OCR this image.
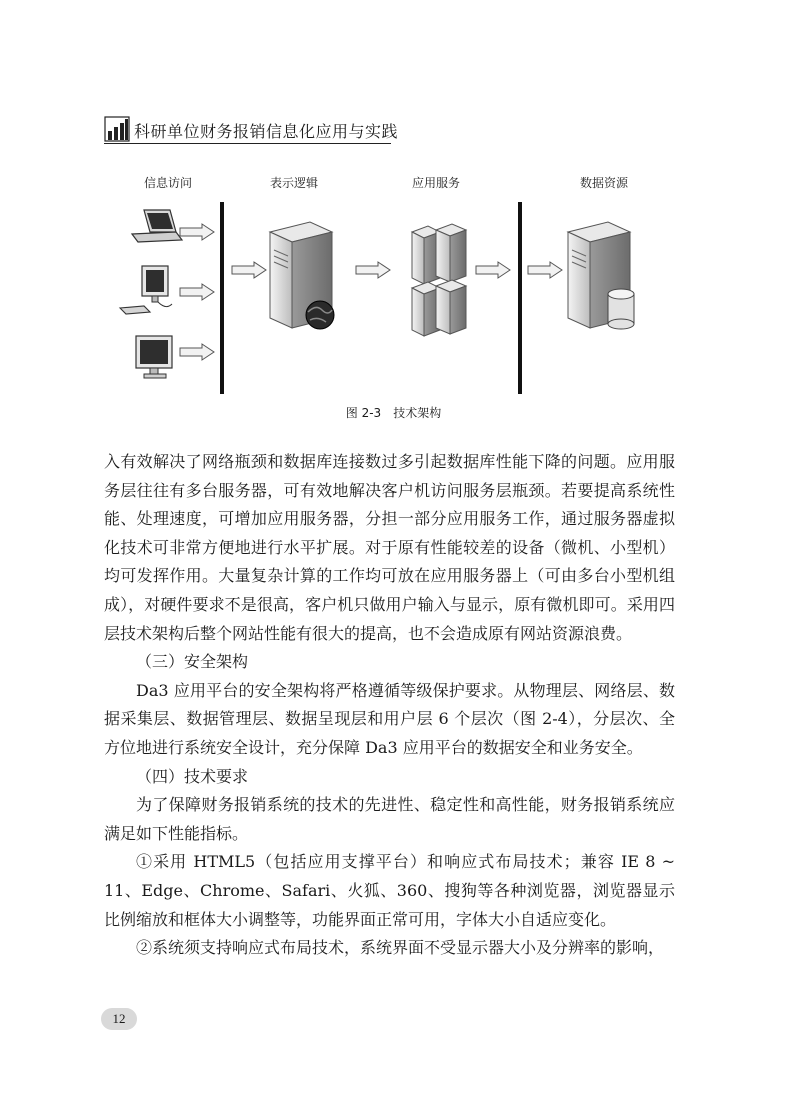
科研单位财务报销信息化应用与实践
信息访问	表示逻辑	应用服务	数据资源
图 2-3　技术架构

入有效解决了网络瓶颈和数据库连接数过多引起数据库性能下降的问题。应用服务层往往有多台服务器，可有效地解决客户机访问服务层瓶颈。若要提高系统性能、处理速度，可增加应用服务器，分担一部分应用服务工作，通过服务器虚拟化技术可非常方便地进行水平扩展。对于原有性能较差的设备（微机、小型机）均可发挥作用。大量复杂计算的工作均可放在应用服务器上（可由多台小型机组成），对硬件要求不是很高，客户机只做用户输入与显示，原有微机即可。采用四层技术架构后整个网站性能有很大的提高，也不会造成原有网站资源浪费。

（三）安全架构

Da3 应用平台的安全架构将严格遵循等级保护要求。从物理层、网络层、数据采集层、数据管理层、数据呈现层和用户层 6 个层次（图 2-4），分层次、全方位地进行系统安全设计，充分保障 Da3 应用平台的数据安全和业务安全。

（四）技术要求

为了保障财务报销系统的技术的先进性、稳定性和高性能，财务报销系统应满足如下性能指标。

①采用 HTML5（包括应用支撑平台）和响应式布局技术；兼容 IE 8 ~ 11、Edge、Chrome、Safari、火狐、360、搜狗等各种浏览器，浏览器显示比例缩放和框体大小调整等，功能界面正常可用，字体大小自适应变化。

②系统须支持响应式布局技术，系统界面不受显示器大小及分辨率的影响，

12
